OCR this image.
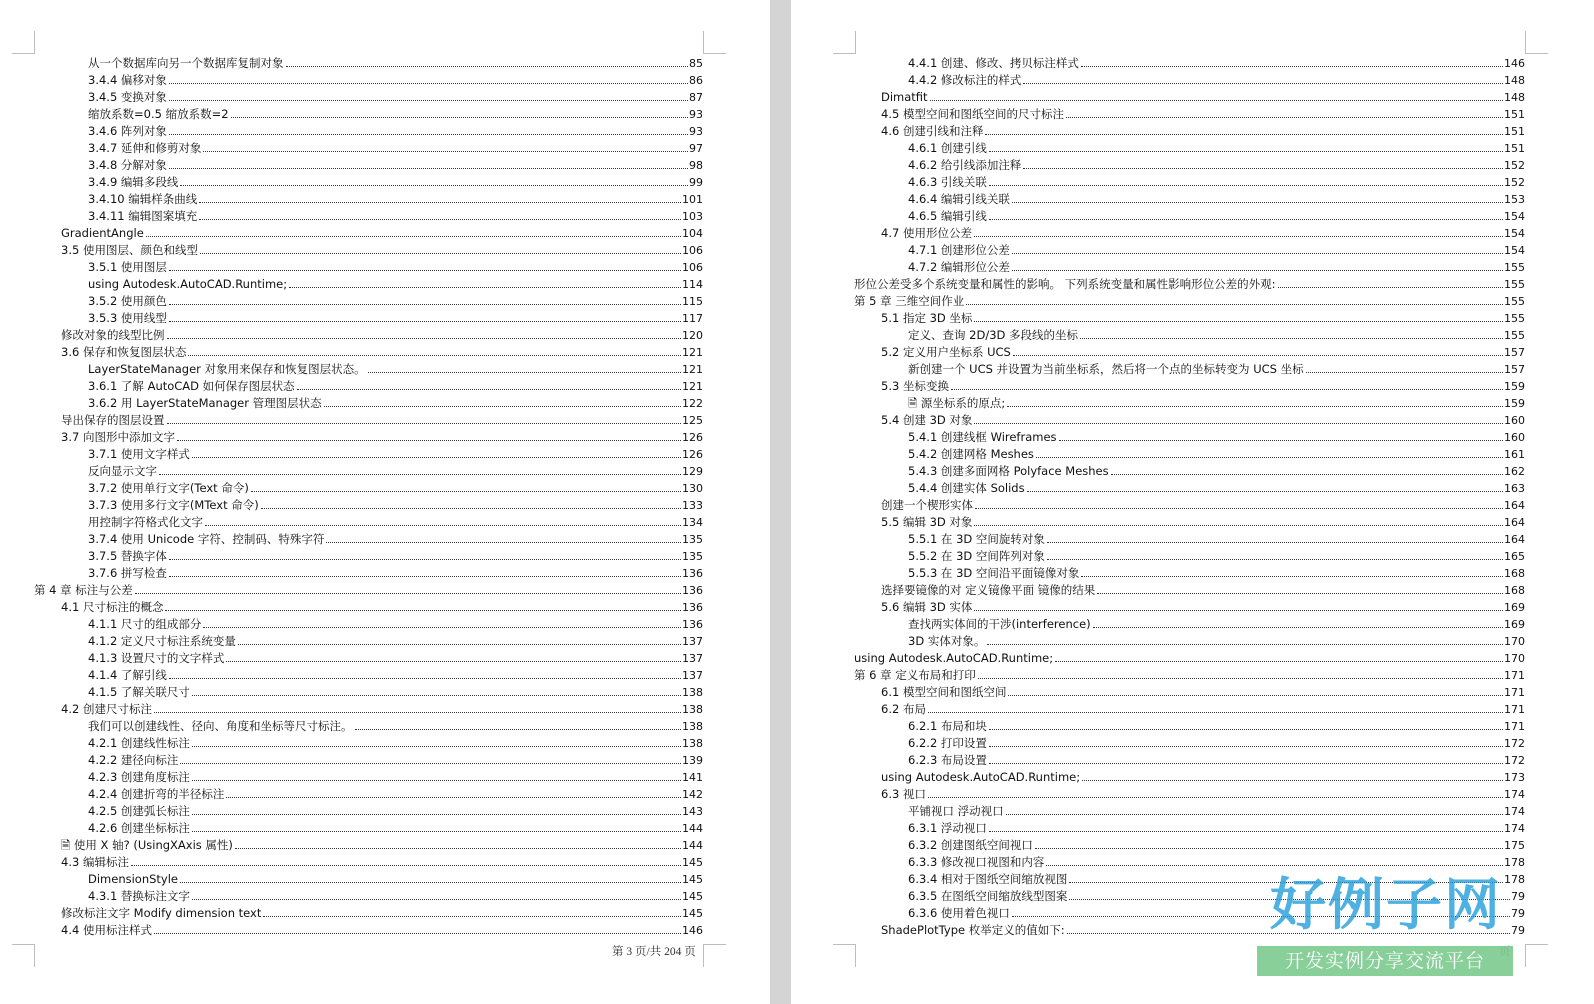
从一个数据库向另一个数据库复制对象	85
3.4.4 偏移对象	86
3.4.5 变换对象	87
缩放系数=0.5 缩放系数=2	93
3.4.6 阵列对象	93
3.4.7 延伸和修剪对象	97
3.4.8 分解对象	98
3.4.9 编辑多段线	99
3.4.10 编辑样条曲线	101
3.4.11 编辑图案填充	103
GradientAngle	104
3.5 使用图层、颜色和线型	106
3.5.1 使用图层	106
using Autodesk.AutoCAD.Runtime;	114
3.5.2 使用颜色	115
3.5.3 使用线型	117
修改对象的线型比例	120
3.6 保存和恢复图层状态	121
LayerStateManager 对象用来保存和恢复图层状态。	121
3.6.1 了解 AutoCAD 如何保存图层状态	121
3.6.2 用 LayerStateManager 管理图层状态	122
导出保存的图层设置	125
3.7 向图形中添加文字	126
3.7.1 使用文字样式	126
反向显示文字	129
3.7.2 使用单行文字(Text 命令)	130
3.7.3 使用多行文字(MText 命令)	133
用控制字符格式化文字	134
3.7.4 使用 Unicode 字符、控制码、特殊字符	135
3.7.5 替换字体	135
3.7.6 拼写检查	136
第 4 章 标注与公差	136
4.1 尺寸标注的概念	136
4.1.1 尺寸的组成部分	136
4.1.2 定义尺寸标注系统变量	137
4.1.3 设置尺寸的文字样式	137
4.1.4 了解引线	137
4.1.5 了解关联尺寸	138
4.2 创建尺寸标注	138
我们可以创建线性、径向、角度和坐标等尺寸标注。	138
4.2.1 创建线性标注	138
4.2.2 建径向标注	139
4.2.3 创建角度标注	141
4.2.4 创建折弯的半径标注	142
4.2.5 创建弧长标注	143
4.2.6 创建坐标标注	144
🗎 使用 X 轴? (UsingXAxis 属性)	144
4.3 编辑标注	145
DimensionStyle	145
4.3.1 替换标注文字	145
修改标注文字 Modify dimension text	145
4.4 使用标注样式	146
第 3 页/共 204 页
4.4.1 创建、修改、拷贝标注样式	146
4.4.2 修改标注的样式	148
Dimatfit	148
4.5 模型空间和图纸空间的尺寸标注	151
4.6 创建引线和注释	151
4.6.1 创建引线	151
4.6.2 给引线添加注释	152
4.6.3 引线关联	152
4.6.4 编辑引线关联	153
4.6.5 编辑引线	154
4.7 使用形位公差	154
4.7.1 创建形位公差	154
4.7.2 编辑形位公差	155
形位公差受多个系统变量和属性的影响。 下列系统变量和属性影响形位公差的外观:	155
第 5 章 三维空间作业	155
5.1 指定 3D 坐标	155
定义、查询 2D/3D 多段线的坐标	155
5.2 定义用户坐标系 UCS	157
新创建一个 UCS 并设置为当前坐标系，然后将一个点的坐标转变为 UCS 坐标	157
5.3 坐标变换	159
🗎 源坐标系的原点;	159
5.4 创建 3D 对象	160
5.4.1 创建线框 Wireframes	160
5.4.2 创建网格 Meshes	161
5.4.3 创建多面网格 Polyface Meshes	162
5.4.4 创建实体 Solids	163
创建一个楔形实体	164
5.5 编辑 3D 对象	164
5.5.1 在 3D 空间旋转对象	164
5.5.2 在 3D 空间阵列对象	165
5.5.3 在 3D 空间沿平面镜像对象	168
选择要镜像的对 定义镜像平面 镜像的结果	168
5.6 编辑 3D 实体	169
查找两实体间的干涉(interference)	169
3D 实体对象。	170
using Autodesk.AutoCAD.Runtime;	170
第 6 章 定义布局和打印	171
6.1 模型空间和图纸空间	171
6.2 布局	171
6.2.1 布局和块	171
6.2.2 打印设置	172
6.2.3 布局设置	172
using Autodesk.AutoCAD.Runtime;	173
6.3 视口	174
平铺视口 浮动视口	174
6.3.1 浮动视口	174
6.3.2 创建图纸空间视口	175
6.3.3 修改视口视图和内容	178
6.3.4 相对于图纸空间缩放视图	178
6.3.5 在图纸空间缩放线型图案	79
6.3.6 使用着色视口	79
ShadePlotType 枚举定义的值如下:	79
好例子网
开发实例分享交流平台
